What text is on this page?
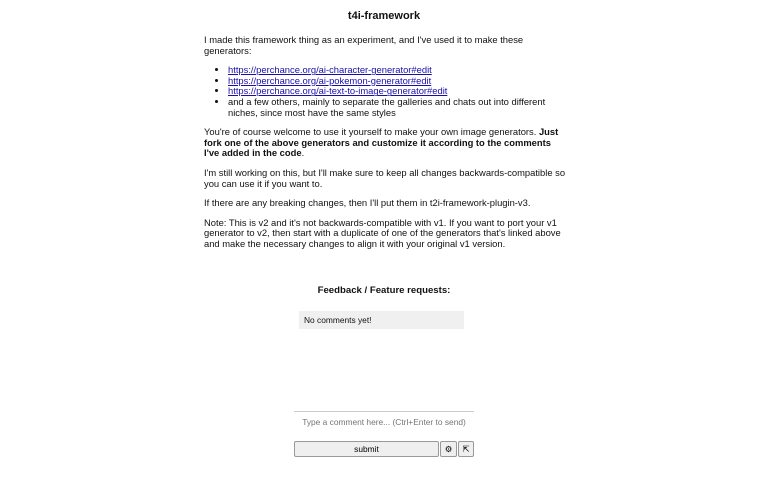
t4i-framework

I made this framework thing as an experiment, and I've used it to make these generators:

• https://perchance.org/ai-character-generator#edit
• https://perchance.org/ai-pokemon-generator#edit
• https://perchance.org/ai-text-to-image-generator#edit
• and a few others, mainly to separate the galleries and chats out into different niches, since most have the same styles

You're of course welcome to use it yourself to make your own image generators. Just fork one of the above generators and customize it according to the comments I've added in the code.

I'm still working on this, but I'll make sure to keep all changes backwards-compatible so you can use it if you want to.

If there are any breaking changes, then I'll put them in t2i-framework-plugin-v3.

Note: This is v2 and it's not backwards-compatible with v1. If you want to port your v1 generator to v2, then start with a duplicate of one of the generators that's linked above and make the necessary changes to align it with your original v1 version.

Feedback / Feature requests:
No comments yet!
Type a comment here... (Ctrl+Enter to send)
submit	⚙	⇱
